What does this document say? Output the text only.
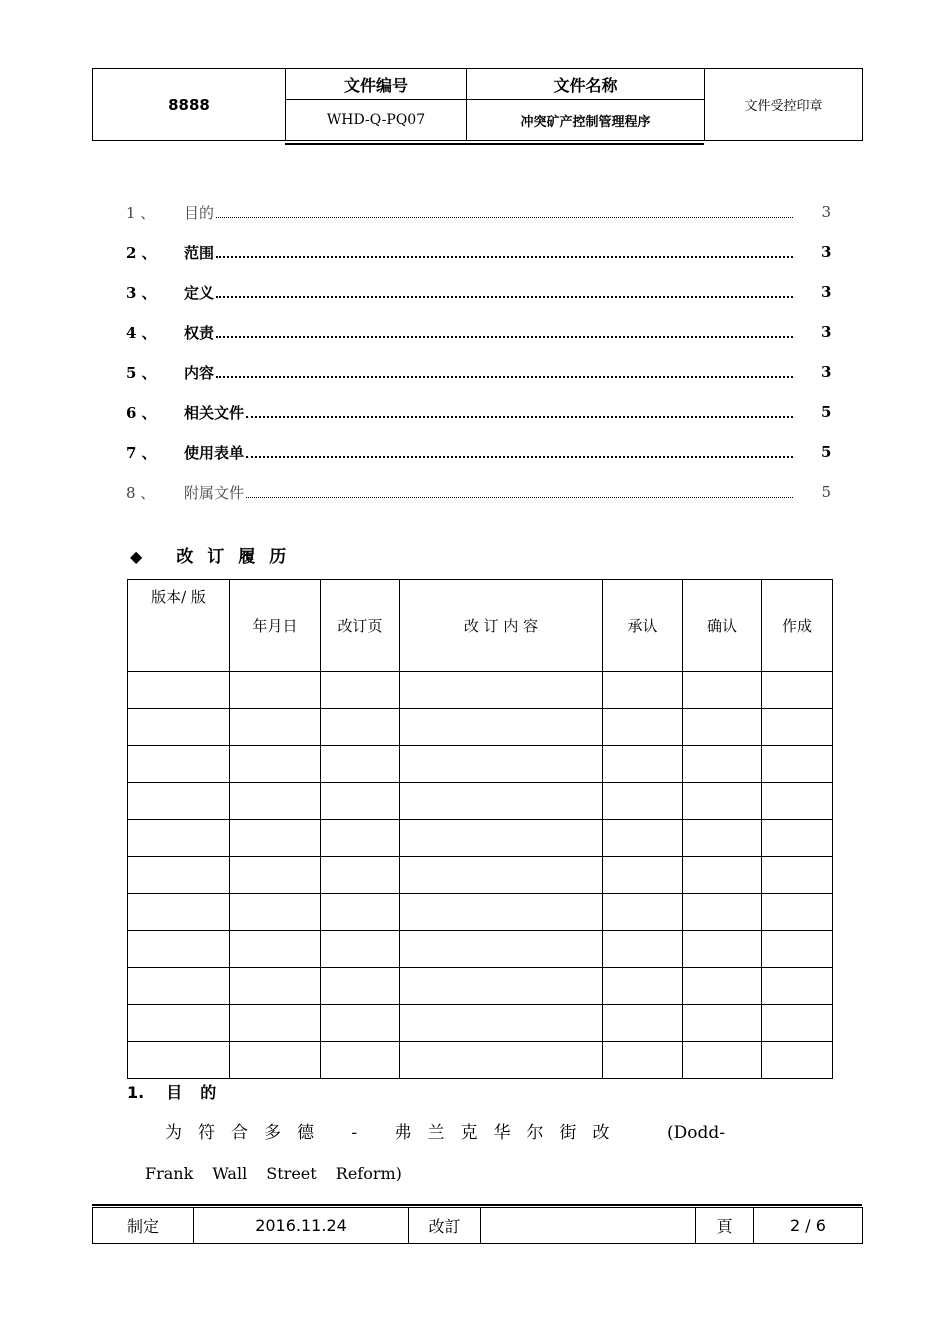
8888	文件编号	文件名称	文件受控印章
	WHD-Q-PQ07	冲突矿产控制管理程序	
1 、	目的	3
2 、	范围	3
3 、	定义	3
4 、	权责	3
5 、	内容	3
6 、	相关文件	5
7 、	使用表单	5
8 、	附属文件	5
◆ 改订履历
版本/ 版	年月日	改订页	改 订 内 容	承认	确认	作成

1. 目的
为符合多德 - 弗兰克华尔街改 (Dodd-
Frank Wall Street Reform)
制定	2016.11.24	改訂		頁	2 / 6
